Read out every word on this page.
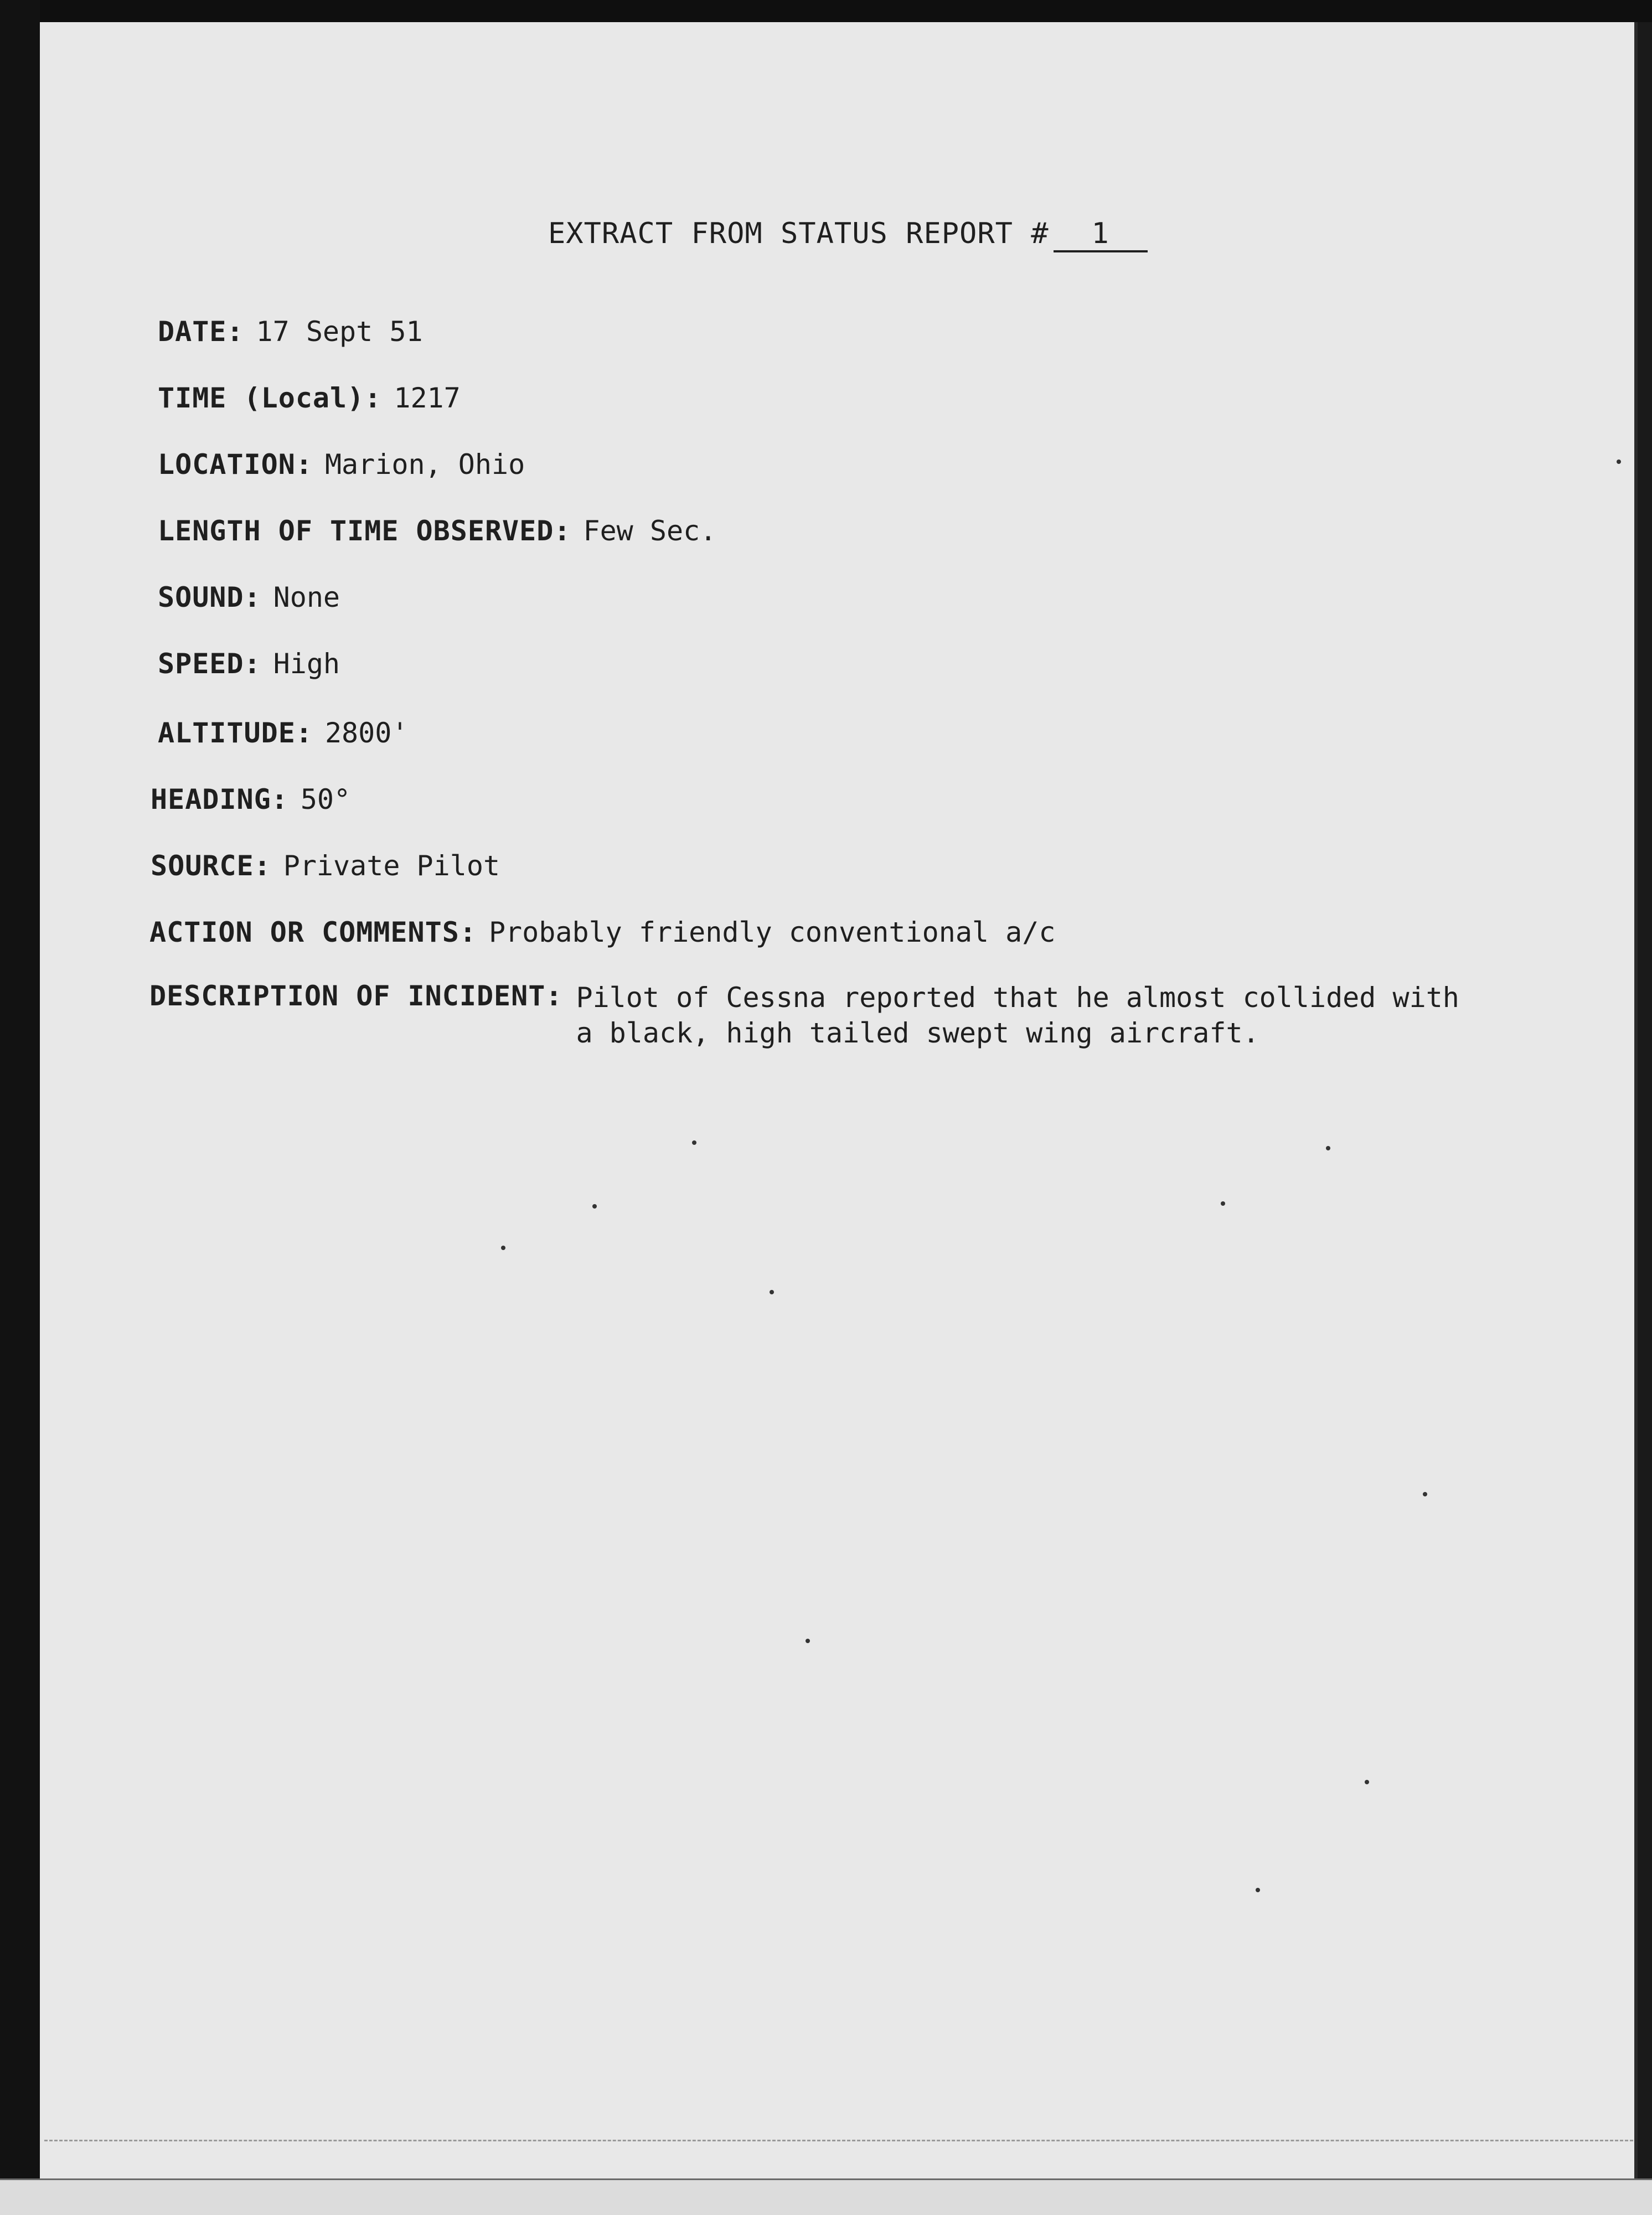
EXTRACT FROM STATUS REPORT # 1
DATE: 17 Sept 51
TIME (Local): 1217
LOCATION: Marion, Ohio
LENGTH OF TIME OBSERVED: Few Sec.
SOUND: None
SPEED: High
ALTITUDE: 2800'
HEADING: 50°
SOURCE: Private Pilot
ACTION OR COMMENTS: Probably friendly conventional a/c
DESCRIPTION OF INCIDENT: Pilot of Cessna reported that he almost collided with a black, high tailed swept wing aircraft.
